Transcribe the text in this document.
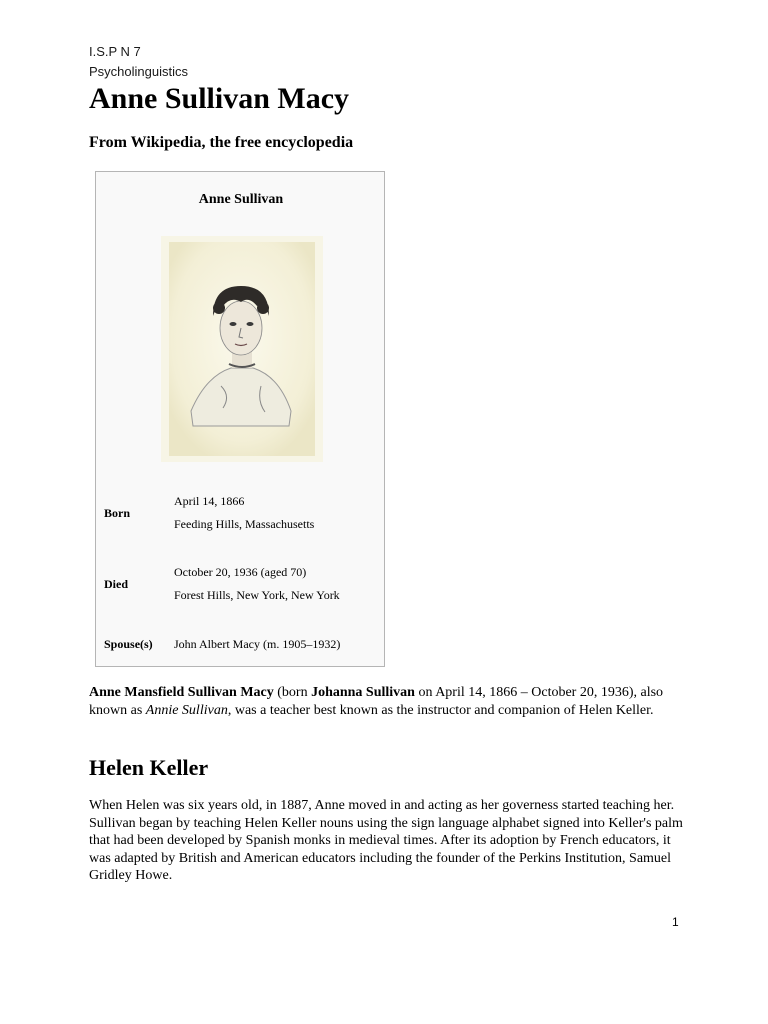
I.S.P N 7
Psycholinguistics
Anne Sullivan Macy
From Wikipedia, the free encyclopedia
Anne Sullivan
Born
April 14, 1866
Feeding Hills, Massachusetts
Died
October 20, 1936 (aged 70)
Forest Hills, New York, New York
Spouse(s) John Albert Macy (m. 1905–1932)
Anne Mansfield Sullivan Macy (born Johanna Sullivan on April 14, 1866 – October 20, 1936), also known as Annie Sullivan, was a teacher best known as the instructor and companion of Helen Keller.
Helen Keller
When Helen was six years old, in 1887, Anne moved in and acting as her governess started teaching her. Sullivan began by teaching Helen Keller nouns using the sign language alphabet signed into Keller's palm that had been developed by Spanish monks in medieval times. After its adoption by French educators, it was adapted by British and American educators including the founder of the Perkins Institution, Samuel Gridley Howe.
1
